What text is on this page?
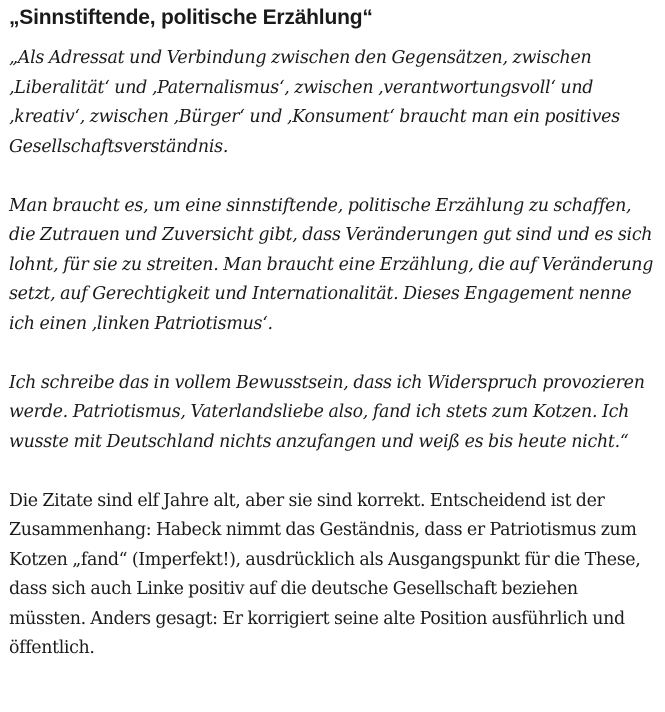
„Sinnstiftende, politische Erzählung“

„Als Adressat und Verbindung zwischen den Gegensätzen, zwischen ‚Liberalität‘ und ‚Paternalismus‘, zwischen ‚verantwortungsvoll‘ und ‚kreativ‘, zwischen ‚Bürger‘ und ‚Konsument‘ braucht man ein positives Gesellschaftsverständnis.

Man braucht es, um eine sinnstiftende, politische Erzählung zu schaffen, die Zutrauen und Zuversicht gibt, dass Veränderungen gut sind und es sich lohnt, für sie zu streiten. Man braucht eine Erzählung, die auf Veränderung setzt, auf Gerechtigkeit und Internationalität. Dieses Engagement nenne ich einen ‚linken Patriotismus‘.

Ich schreibe das in vollem Bewusstsein, dass ich Widerspruch provozieren werde. Patriotismus, Vaterlandsliebe also, fand ich stets zum Kotzen. Ich wusste mit Deutschland nichts anzufangen und weiß es bis heute nicht.“

Die Zitate sind elf Jahre alt, aber sie sind korrekt. Entscheidend ist der Zusammenhang: Habeck nimmt das Geständnis, dass er Patriotismus zum Kotzen „fand“ (Imperfekt!), ausdrücklich als Ausgangspunkt für die These, dass sich auch Linke positiv auf die deutsche Gesellschaft beziehen müssten. Anders gesagt: Er korrigiert seine alte Position ausführlich und öffentlich.
